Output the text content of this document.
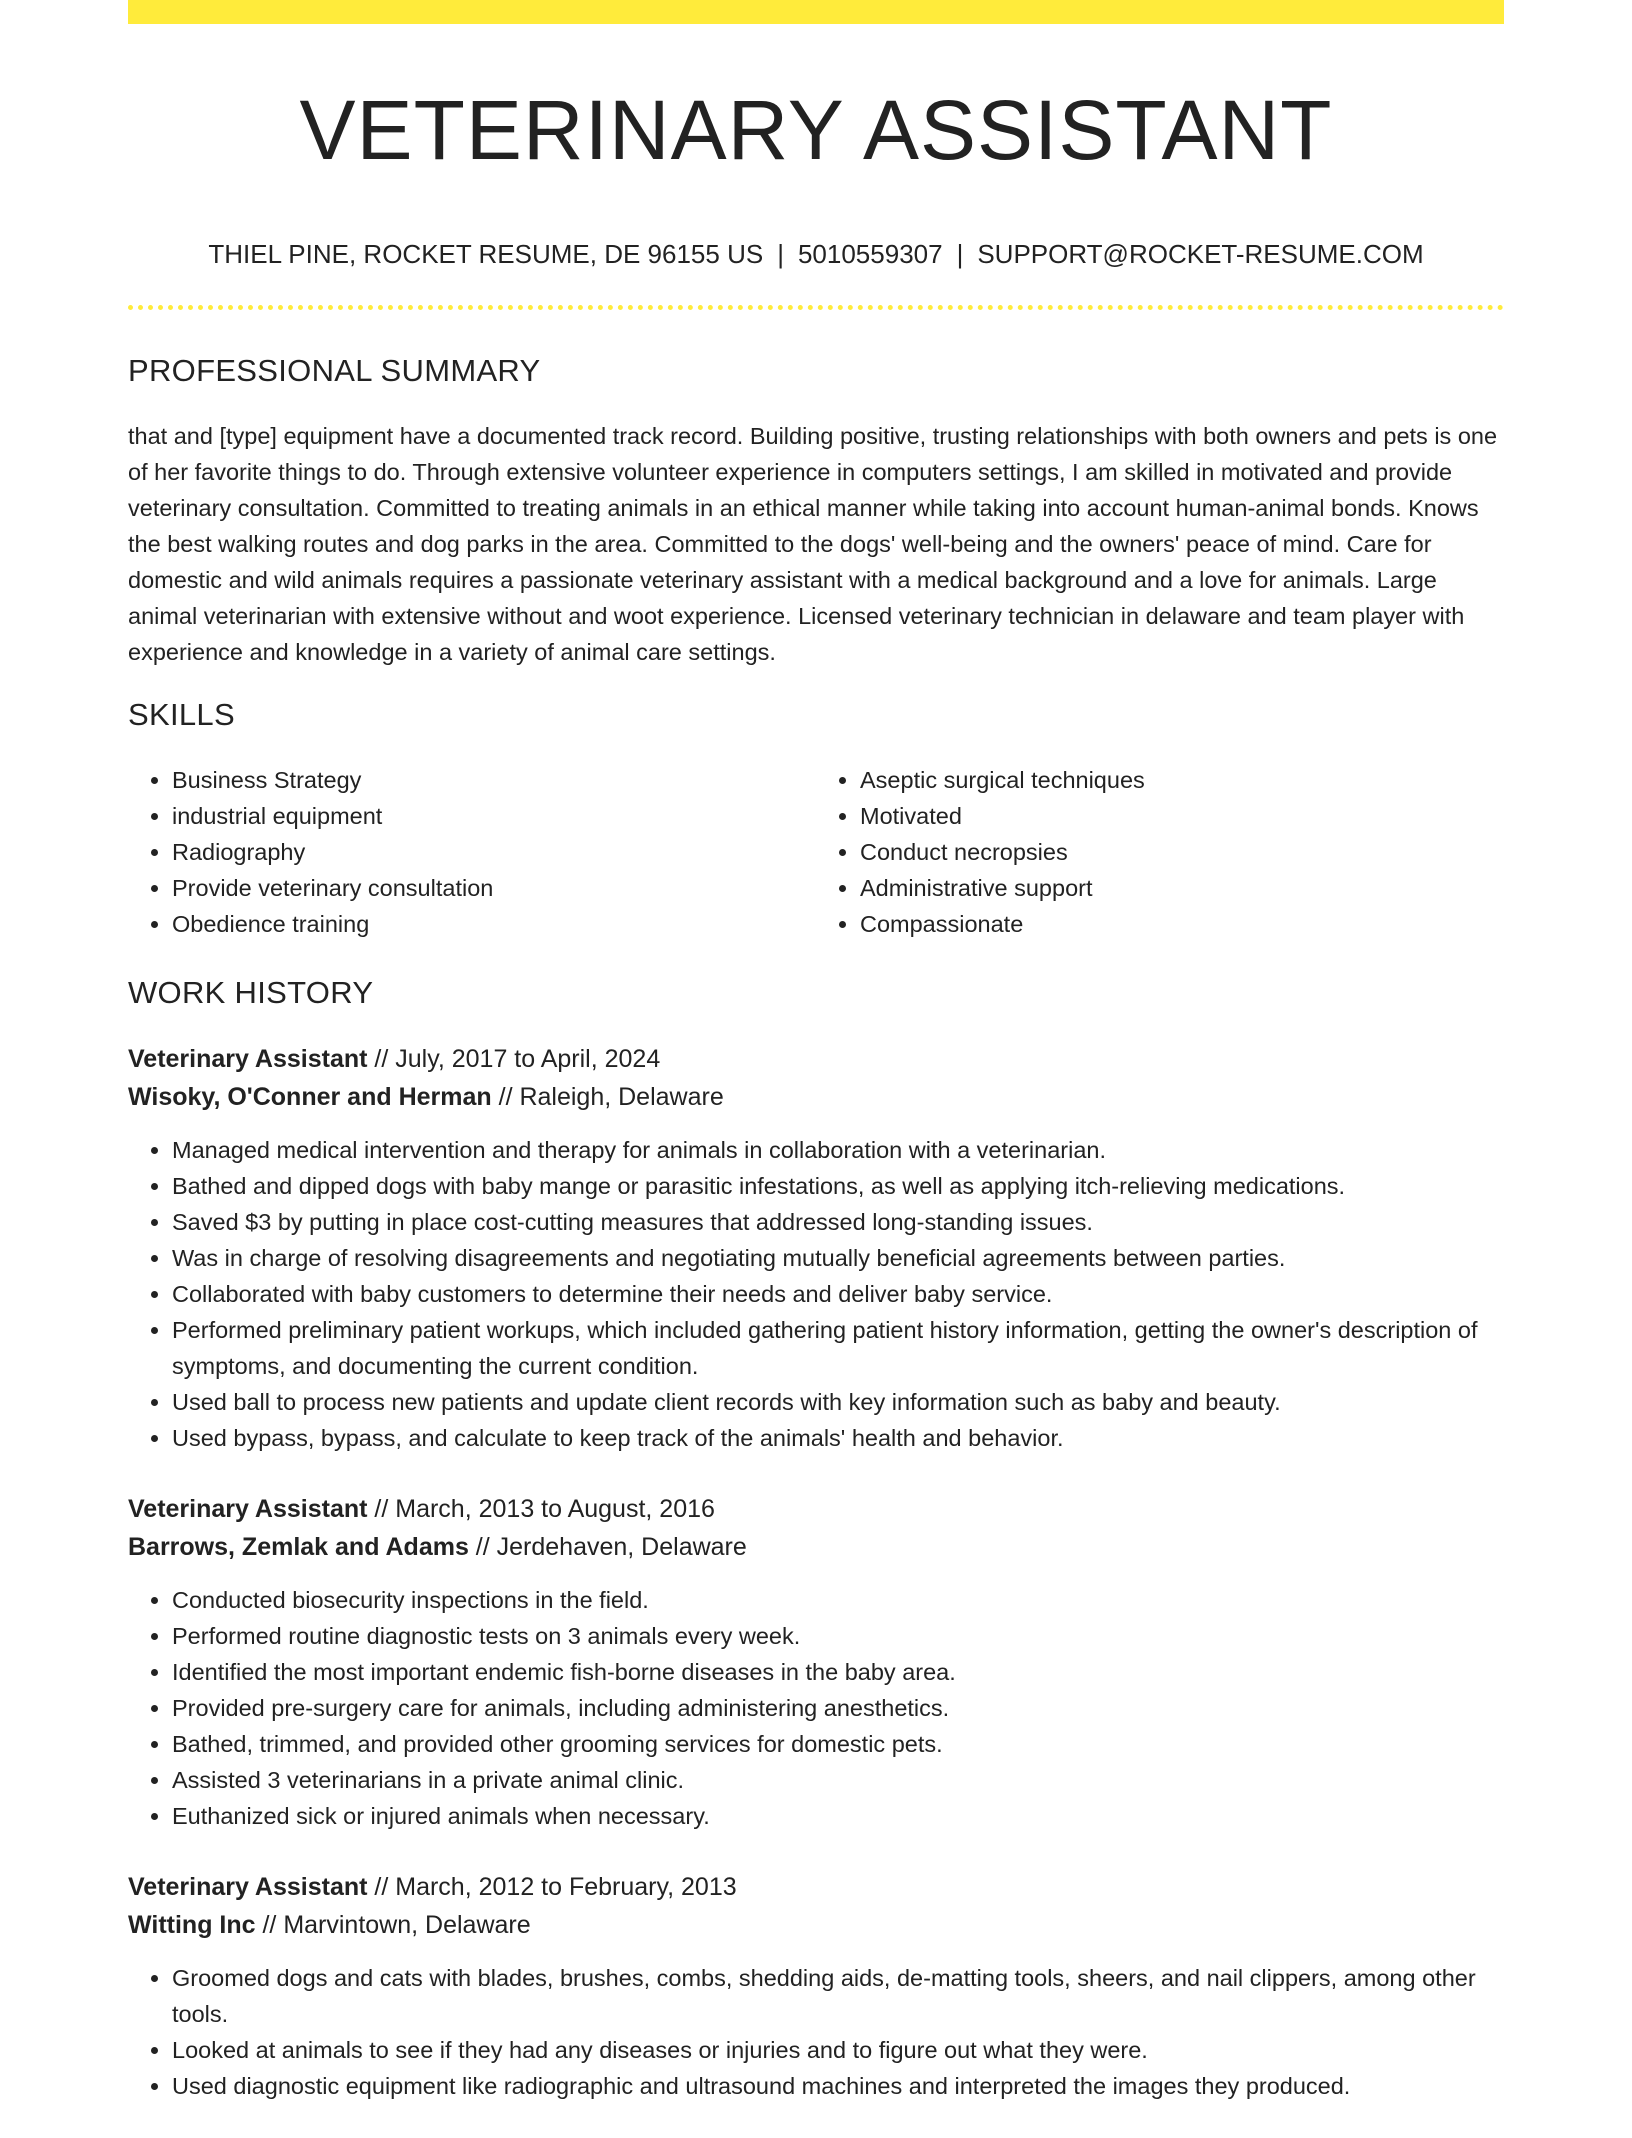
VETERINARY ASSISTANT
THIEL PINE, ROCKET RESUME, DE 96155 US | 5010559307 | SUPPORT@ROCKET-RESUME.COM
PROFESSIONAL SUMMARY

that and [type] equipment have a documented track record. Building positive, trusting relationships with both owners and pets is one of her favorite things to do. Through extensive volunteer experience in computers settings, I am skilled in motivated and provide veterinary consultation. Committed to treating animals in an ethical manner while taking into account human-animal bonds. Knows the best walking routes and dog parks in the area. Committed to the dogs' well-being and the owners' peace of mind. Care for domestic and wild animals requires a passionate veterinary assistant with a medical background and a love for animals. Large animal veterinarian with extensive without and woot experience. Licensed veterinary technician in delaware and team player with experience and knowledge in a variety of animal care settings.

SKILLS
• Business Strategy
• industrial equipment
• Radiography
• Provide veterinary consultation
• Obedience training
• Aseptic surgical techniques
• Motivated
• Conduct necropsies
• Administrative support
• Compassionate
WORK HISTORY
Veterinary Assistant // July, 2017 to April, 2024
Wisoky, O'Conner and Herman // Raleigh, Delaware
• Managed medical intervention and therapy for animals in collaboration with a veterinarian.
• Bathed and dipped dogs with baby mange or parasitic infestations, as well as applying itch-relieving medications.
• Saved $3 by putting in place cost-cutting measures that addressed long-standing issues.
• Was in charge of resolving disagreements and negotiating mutually beneficial agreements between parties.
• Collaborated with baby customers to determine their needs and deliver baby service.
• Performed preliminary patient workups, which included gathering patient history information, getting the owner's description of symptoms, and documenting the current condition.
• Used ball to process new patients and update client records with key information such as baby and beauty.
• Used bypass, bypass, and calculate to keep track of the animals' health and behavior.
Veterinary Assistant // March, 2013 to August, 2016
Barrows, Zemlak and Adams // Jerdehaven, Delaware
• Conducted biosecurity inspections in the field.
• Performed routine diagnostic tests on 3 animals every week.
• Identified the most important endemic fish-borne diseases in the baby area.
• Provided pre-surgery care for animals, including administering anesthetics.
• Bathed, trimmed, and provided other grooming services for domestic pets.
• Assisted 3 veterinarians in a private animal clinic.
• Euthanized sick or injured animals when necessary.
Veterinary Assistant // March, 2012 to February, 2013
Witting Inc // Marvintown, Delaware
• Groomed dogs and cats with blades, brushes, combs, shedding aids, de-matting tools, sheers, and nail clippers, among other tools.
• Looked at animals to see if they had any diseases or injuries and to figure out what they were.
• Used diagnostic equipment like radiographic and ultrasound machines and interpreted the images they produced.
